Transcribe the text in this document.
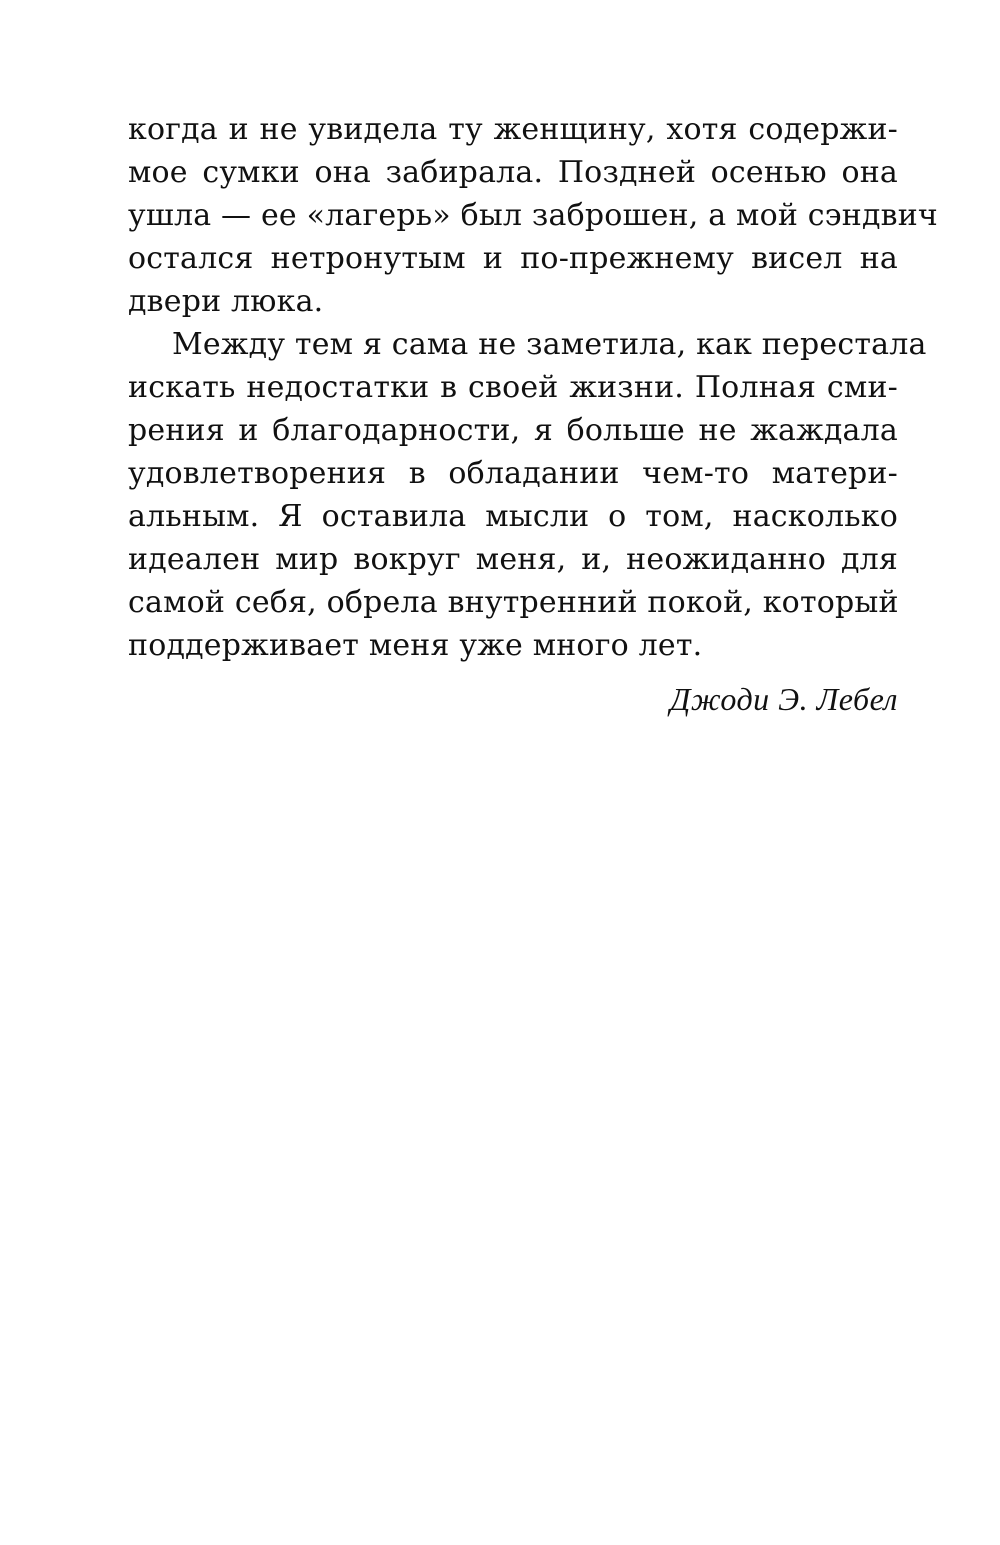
когда и не увидела ту женщину, хотя содержи-
мое сумки она забирала. Поздней осенью она
ушла — ее «лагерь» был заброшен, а мой сэндвич
остался нетронутым и по-прежнему висел на
двери люка.
Между тем я сама не заметила, как перестала
искать недостатки в своей жизни. Полная сми-
рения и благодарности, я больше не жаждала
удовлетворения в обладании чем-то матери-
альным. Я оставила мысли о том, насколько
идеален мир вокруг меня, и, неожиданно для
самой себя, обрела внутренний покой, который
поддерживает меня уже много лет.
Джоди Э. Лебел
